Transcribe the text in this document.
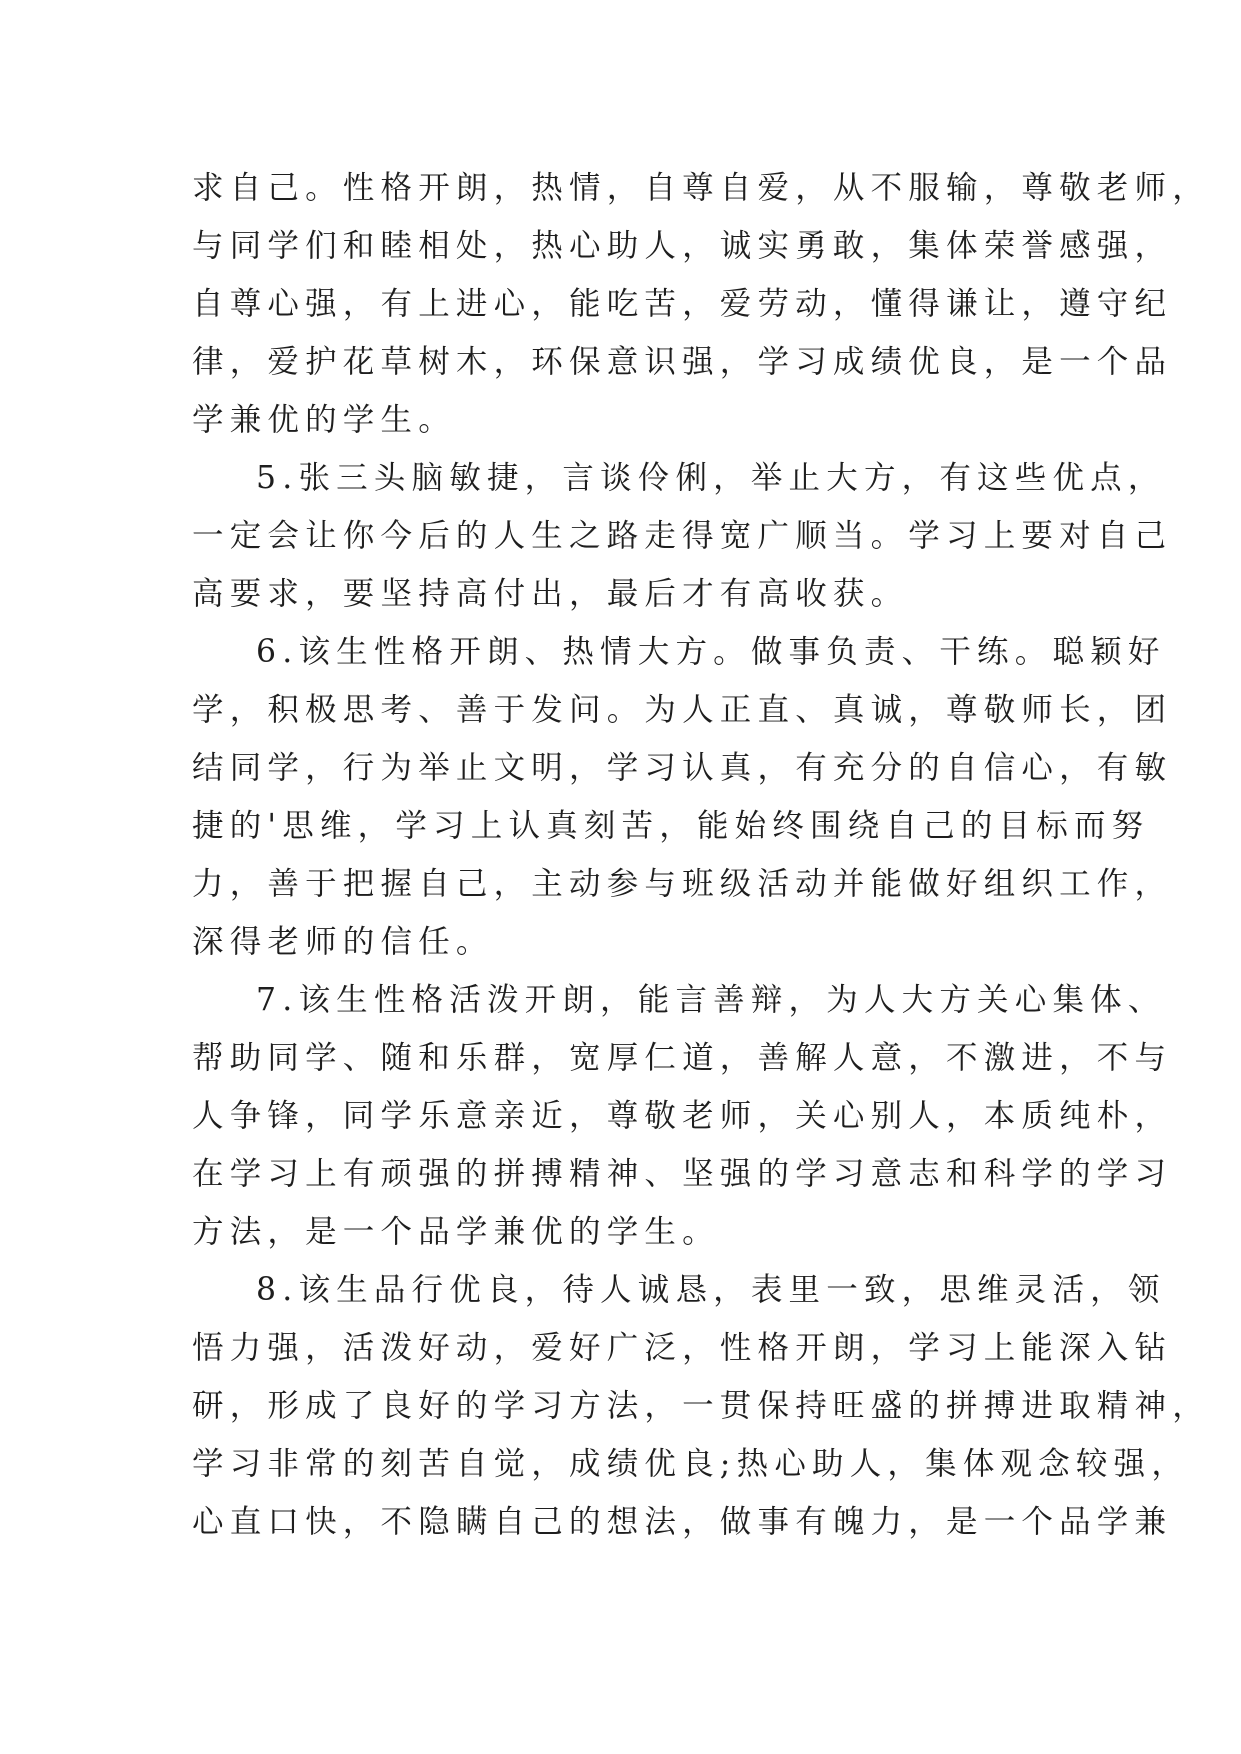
求自己。性格开朗，热情，自尊自爱，从不服输，尊敬老师，
与同学们和睦相处，热心助人，诚实勇敢，集体荣誉感强，
自尊心强，有上进心，能吃苦，爱劳动，懂得谦让，遵守纪
律，爱护花草树木，环保意识强，学习成绩优良，是一个品
学兼优的学生。
5.张三头脑敏捷，言谈伶俐，举止大方，有这些优点，
一定会让你今后的人生之路走得宽广顺当。学习上要对自己
高要求，要坚持高付出，最后才有高收获。
6.该生性格开朗、热情大方。做事负责、干练。聪颖好
学，积极思考、善于发问。为人正直、真诚，尊敬师长，团
结同学，行为举止文明，学习认真，有充分的自信心，有敏
捷的'思维，学习上认真刻苦，能始终围绕自己的目标而努
力，善于把握自己，主动参与班级活动并能做好组织工作，
深得老师的信任。
7.该生性格活泼开朗，能言善辩，为人大方关心集体、
帮助同学、随和乐群，宽厚仁道，善解人意，不激进，不与
人争锋，同学乐意亲近，尊敬老师，关心别人，本质纯朴，
在学习上有顽强的拼搏精神、坚强的学习意志和科学的学习
方法，是一个品学兼优的学生。
8.该生品行优良，待人诚恳，表里一致，思维灵活，领
悟力强，活泼好动，爱好广泛，性格开朗，学习上能深入钻
研，形成了良好的学习方法，一贯保持旺盛的拼搏进取精神，
学习非常的刻苦自觉，成绩优良;热心助人，集体观念较强，
心直口快，不隐瞒自己的想法，做事有魄力，是一个品学兼
